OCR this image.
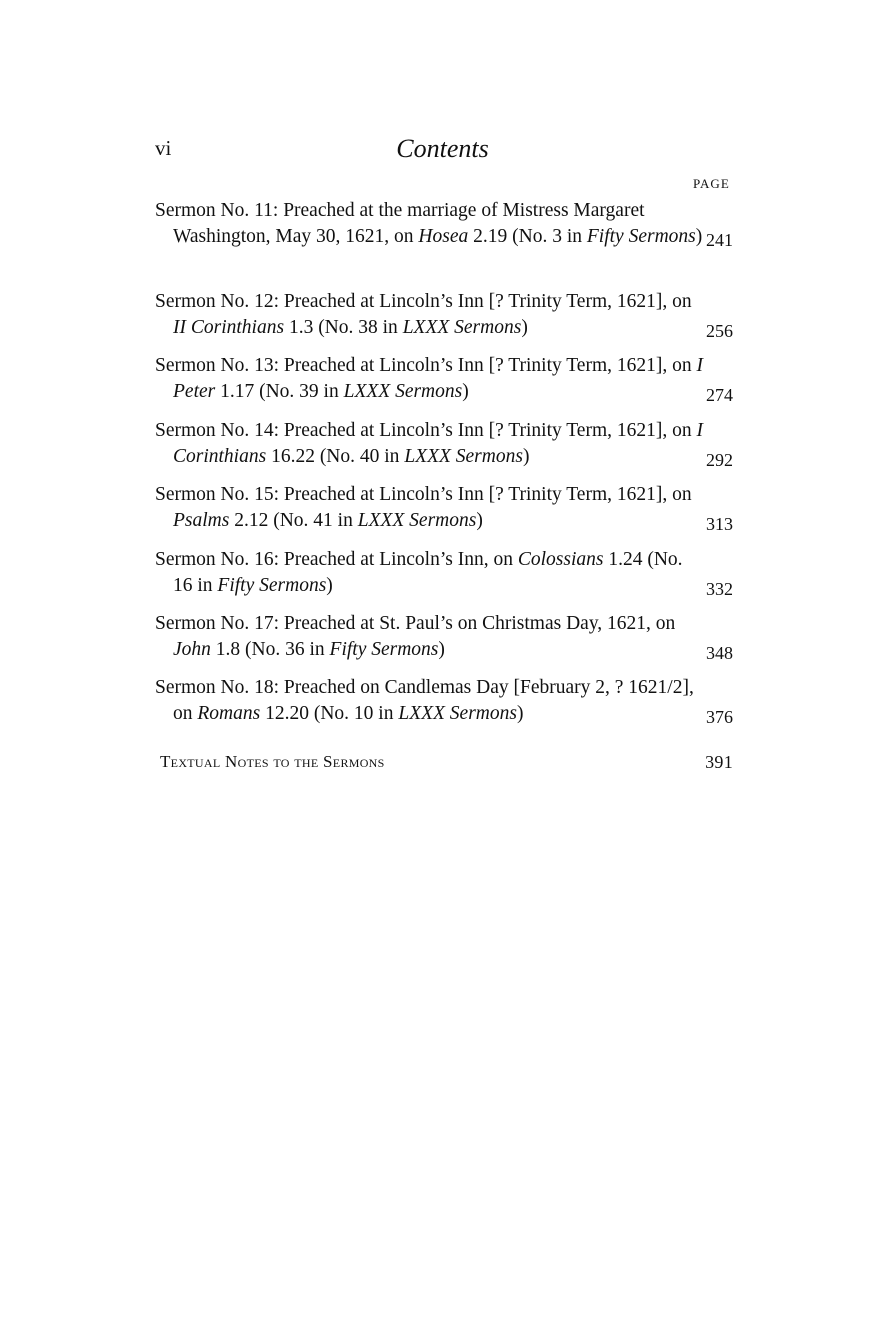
vi	Contents
PAGE
Sermon No. 11: Preached at the marriage of Mistress Margaret Washington, May 30, 1621, on Hosea 2.19 (No. 3 in Fifty Sermons) 241
Sermon No. 12: Preached at Lincoln’s Inn [? Trinity Term, 1621], on II Corinthians 1.3 (No. 38 in LXXX Sermons)	256
Sermon No. 13: Preached at Lincoln’s Inn [? Trinity Term, 1621], on I Peter 1.17 (No. 39 in LXXX Sermons)	274
Sermon No. 14: Preached at Lincoln’s Inn [? Trinity Term, 1621], on I Corinthians 16.22 (No. 40 in LXXX Sermons)	292
Sermon No. 15: Preached at Lincoln’s Inn [? Trinity Term, 1621], on Psalms 2.12 (No. 41 in LXXX Sermons)	313
Sermon No. 16: Preached at Lincoln’s Inn, on Colossians 1.24 (No. 16 in Fifty Sermons)	332
Sermon No. 17: Preached at St. Paul’s on Christmas Day, 1621, on John 1.8 (No. 36 in Fifty Sermons)	348
Sermon No. 18: Preached on Candlemas Day [February 2, ? 1621/2], on Romans 12.20 (No. 10 in LXXX Sermons)	376
Textual Notes to the Sermons	391
